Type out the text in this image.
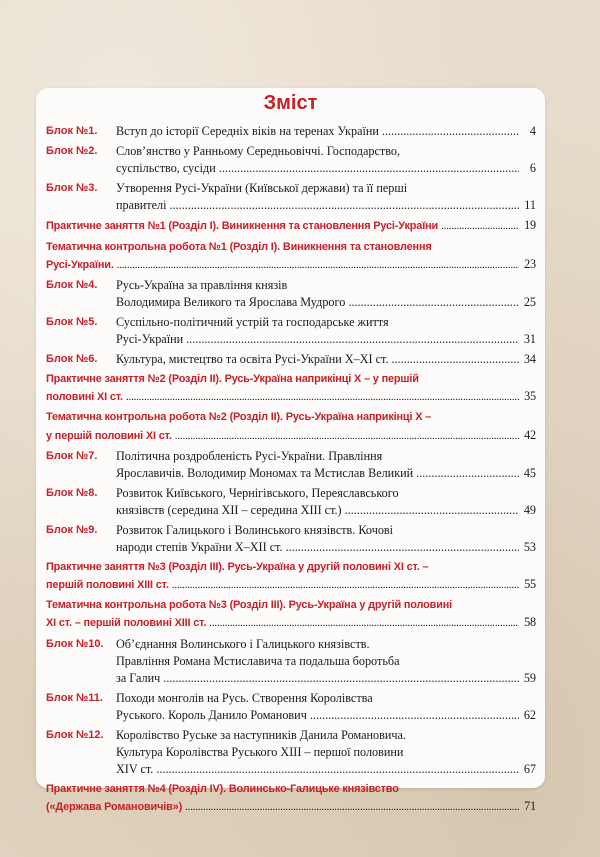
Зміст
Блок №1. Вступ до історії Середніх віків на теренах України .....	4
Блок №2. Слов’янство у Ранньому Середньовіччі. Господарство,
суспільство, сусіди .....	6
Блок №3. Утворення Русі-України (Київської держави) та її перші
правителі .....	11
Практичне заняття №1 (Розділ І). Виникнення та становлення Русі-України .....	19
Тематична контрольна робота №1 (Розділ І). Виникнення та становлення
Русі-України. .....	23
Блок №4. Русь-Україна за правління князів
Володимира Великого та Ярослава Мудрого .....	25
Блок №5. Суспільно-політичний устрій та господарське життя
Русі-України .....	31
Блок №6. Культура, мистецтво та освіта Русі-України Х–ХІ ст. .....	34
Практичне заняття №2 (Розділ ІІ). Русь-Україна наприкінці Х – у першій
половині ХІ ст. .....	35
Тематична контрольна робота №2 (Розділ ІІ). Русь-Україна наприкінці Х –
у першій половині ХІ ст. .....	42
Блок №7. Політична роздробленість Русі-України. Правління
Ярославичів. Володимир Мономах та Мстислав Великий .....	45
Блок №8. Розвиток Київського, Чернігівського, Переяславського
князівств (середина ХІІ – середина ХІІІ ст.) .....	49
Блок №9. Розвиток Галицького і Волинського князівств. Кочові
народи степів України Х–ХІІ ст. .....	53
Практичне заняття №3 (Розділ ІІІ). Русь-Україна у другій половині ХІ ст. –
першій половині ХІІІ ст. .....	55
Тематична контрольна робота №3 (Розділ ІІІ). Русь-Україна у другій половині
ХІ ст. – першій половині ХІІІ ст. .....	58
Блок №10. Об’єднання Волинського і Галицького князівств.
Правління Романа Мстиславича та подальша боротьба
за Галич .....	59
Блок №11. Походи монголів на Русь. Створення Королівства
Руського. Король Данило Романович .....	62
Блок №12. Королівство Руське за наступників Данила Романовича.
Культура Королівства Руського ХІІІ – першої половини
ХІV ст. .....	67
Практичне заняття №4 (Розділ IV). Волинсько-Галицьке князівство
(«Держава Романовичів») .....	71
